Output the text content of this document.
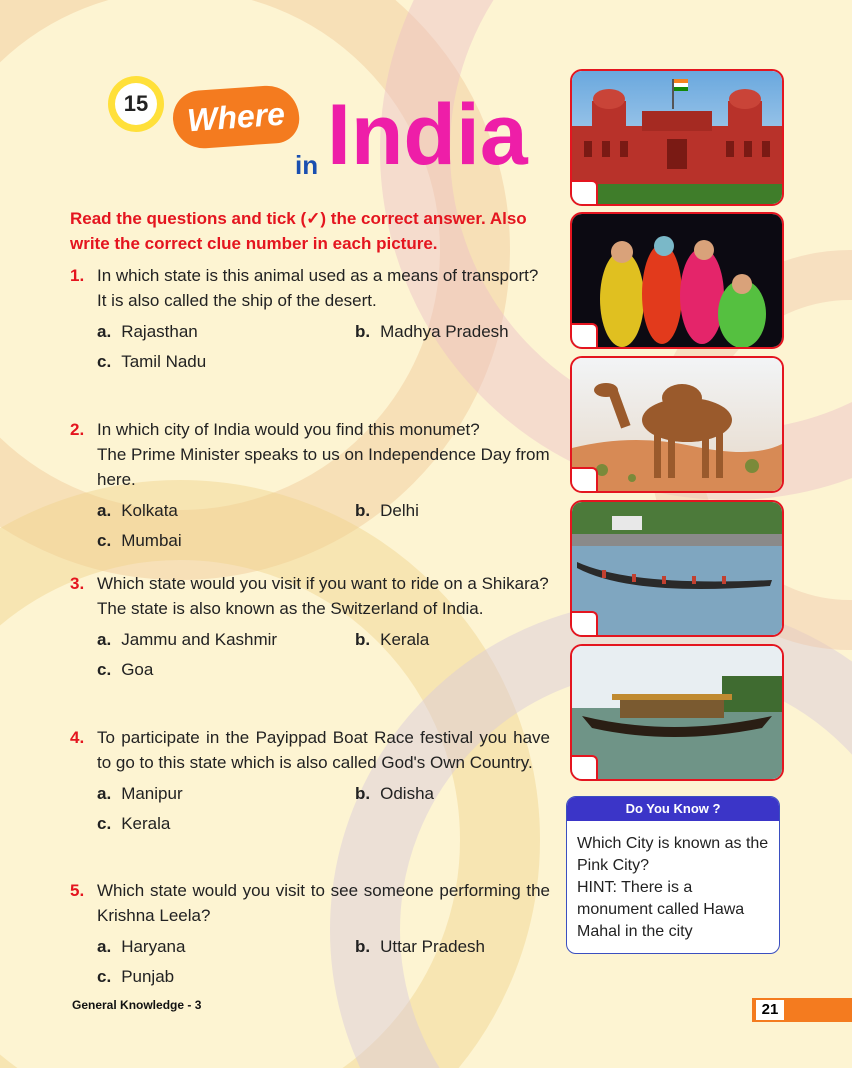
15	Where
in India
Read the questions and tick (✓) the correct answer. Also write the correct clue number in each picture.
1. In which state is this animal used as a means of transport?
It is also called the ship of the desert.
a. Rajasthan	b. Madhya Pradesh
c. Tamil Nadu
2. In which city of India would you find this monumet?
The Prime Minister speaks to us on Independence Day from here.
a. Kolkata	b. Delhi
c. Mumbai
3. Which state would you visit if you want to ride on a Shikara?
The state is also known as the Switzerland of India.
a. Jammu and Kashmir	b. Kerala
c. Goa
4. To participate in the Payippad Boat Race festival you have to go to this state which is also called God's Own Country.
a. Manipur	b. Odisha
c. Kerala
5. Which state would you visit to see someone performing the Krishna Leela?
a. Haryana	b. Uttar Pradesh
c. Punjab
Do You Know ?
Which City is known as the Pink City?
HINT: There is a monument called Hawa Mahal in the city
General Knowledge - 3	21
